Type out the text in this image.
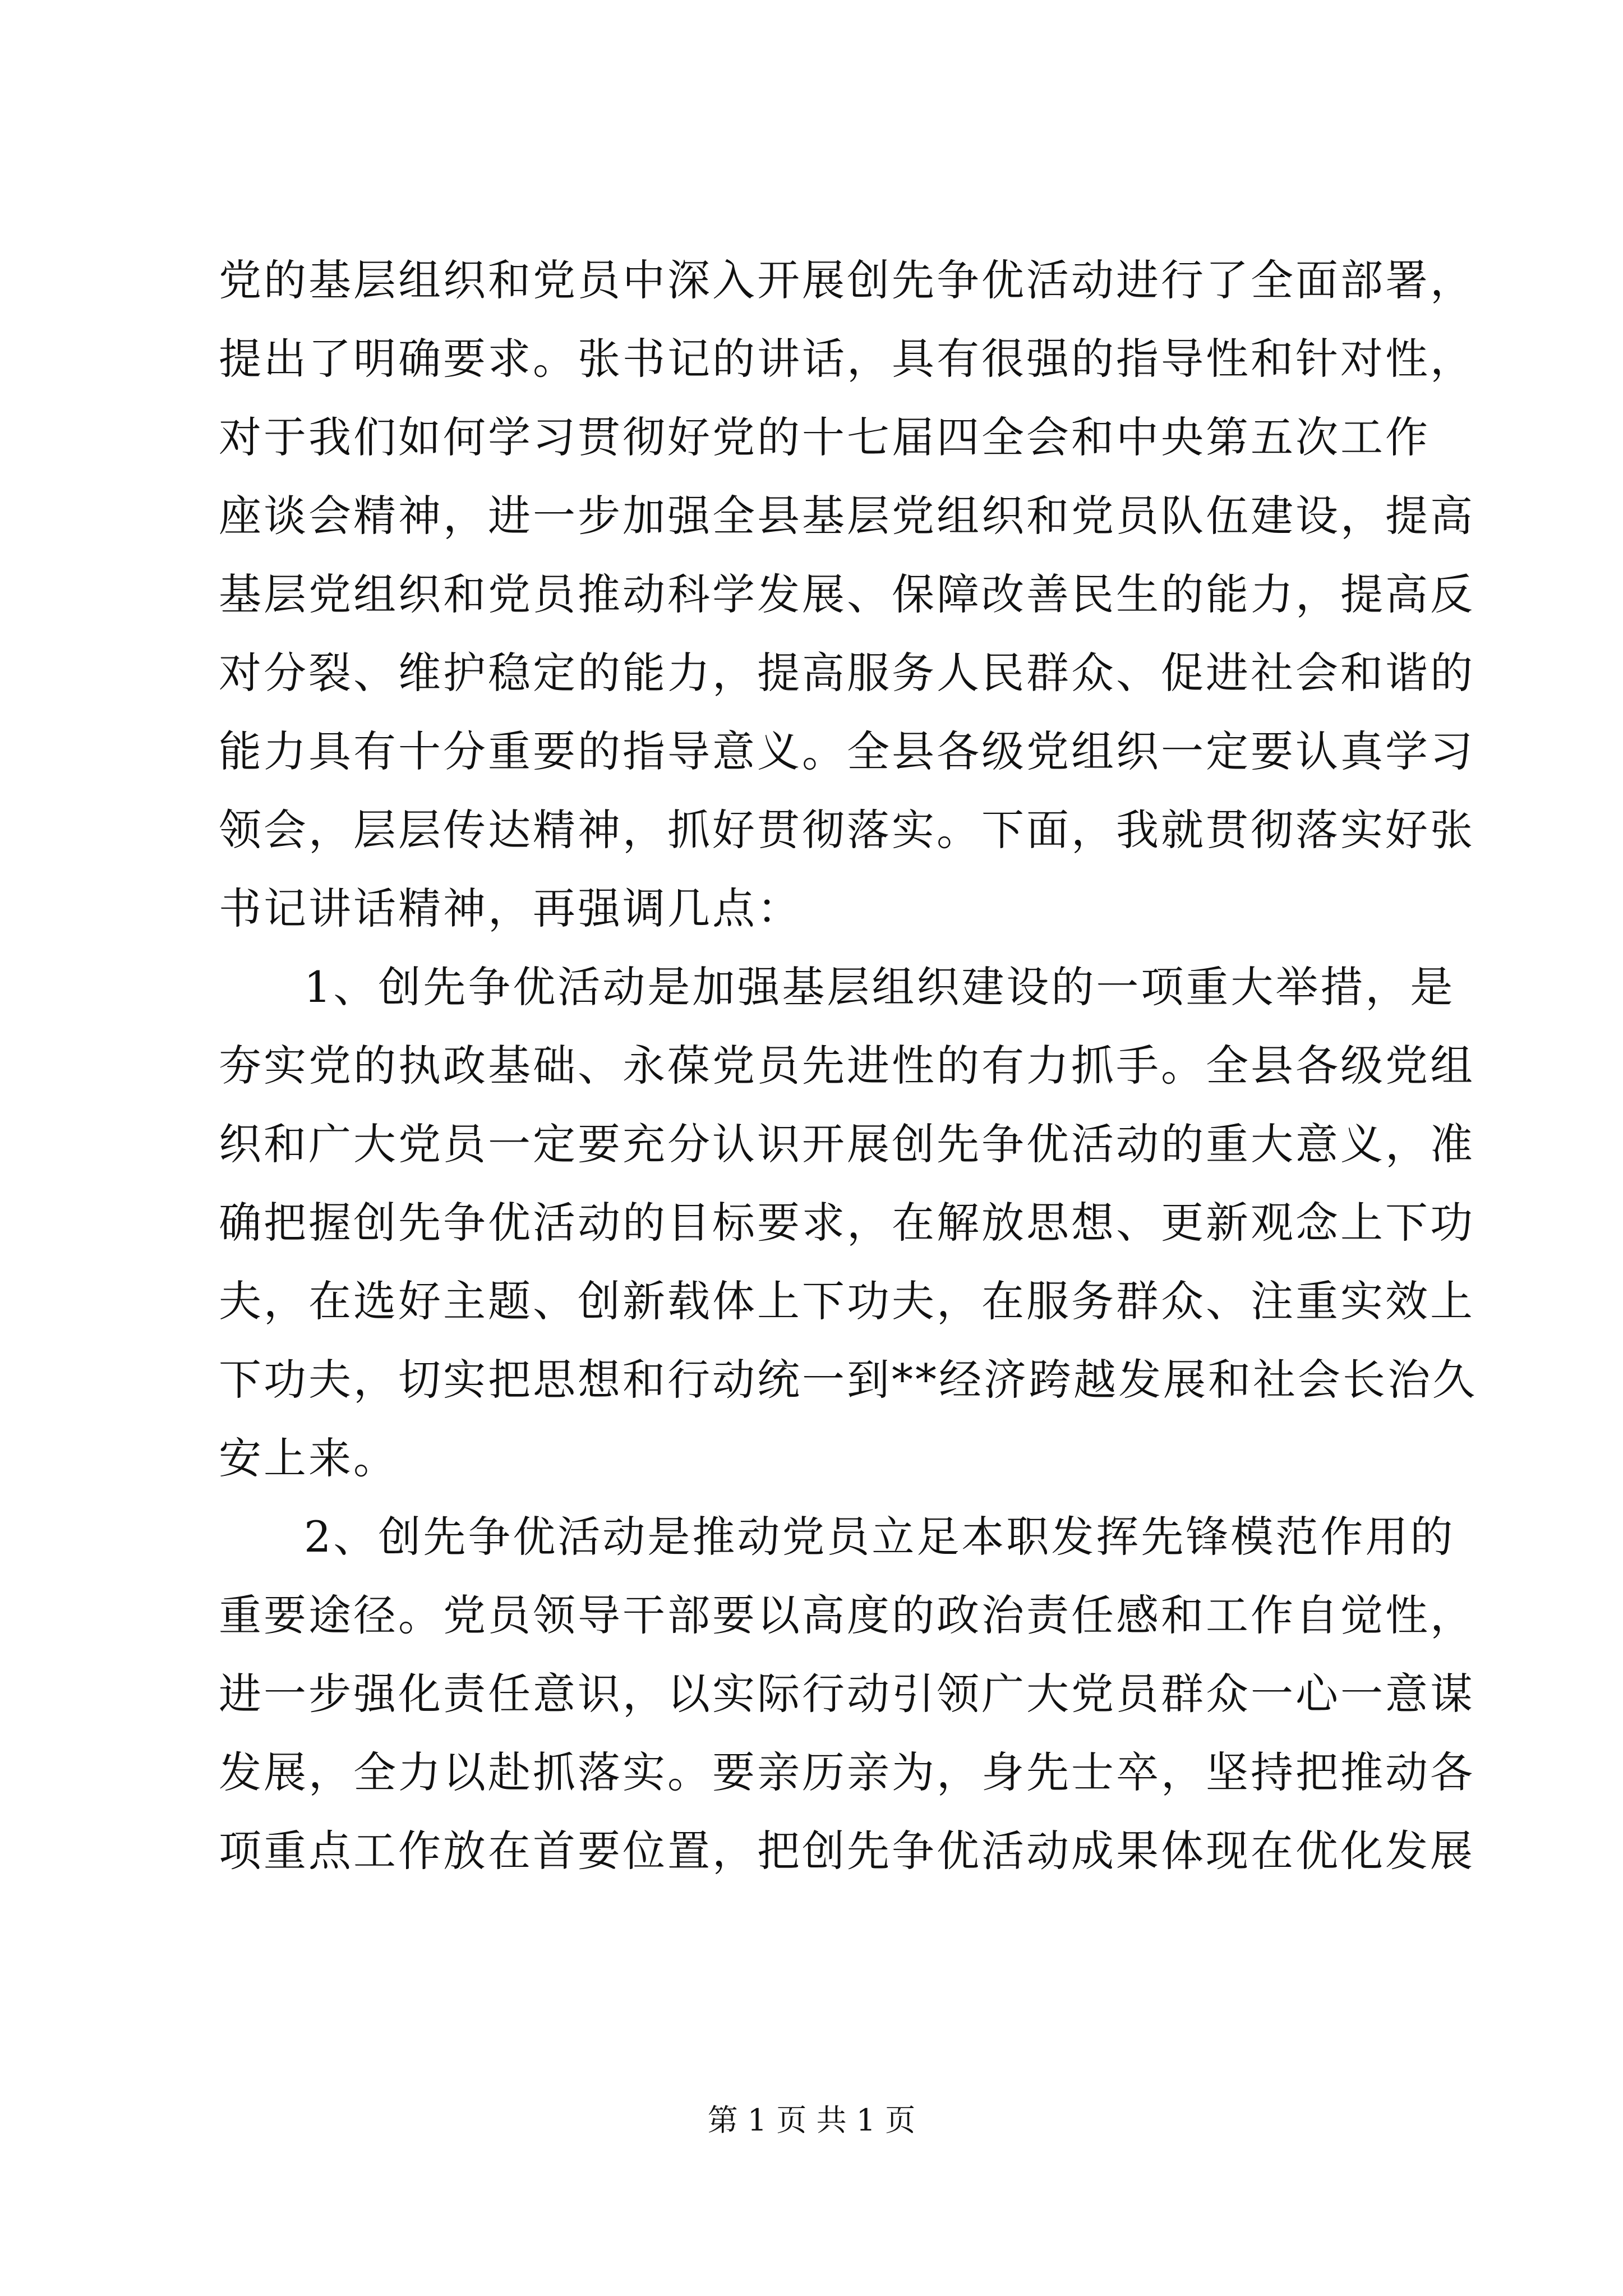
党的基层组织和党员中深入开展创先争优活动进行了全面部署，
提出了明确要求。张书记的讲话，具有很强的指导性和针对性，
对于我们如何学习贯彻好党的十七届四全会和中央第五次工作
座谈会精神，进一步加强全县基层党组织和党员队伍建设，提高
基层党组织和党员推动科学发展、保障改善民生的能力，提高反
对分裂、维护稳定的能力，提高服务人民群众、促进社会和谐的
能力具有十分重要的指导意义。全县各级党组织一定要认真学习
领会，层层传达精神，抓好贯彻落实。下面，我就贯彻落实好张
书记讲话精神，再强调几点：
1、创先争优活动是加强基层组织建设的一项重大举措，是
夯实党的执政基础、永葆党员先进性的有力抓手。全县各级党组
织和广大党员一定要充分认识开展创先争优活动的重大意义，准
确把握创先争优活动的目标要求，在解放思想、更新观念上下功
夫，在选好主题、创新载体上下功夫，在服务群众、注重实效上
下功夫，切实把思想和行动统一到**经济跨越发展和社会长治久
安上来。
2、创先争优活动是推动党员立足本职发挥先锋模范作用的
重要途径。党员领导干部要以高度的政治责任感和工作自觉性，
进一步强化责任意识，以实际行动引领广大党员群众一心一意谋
发展，全力以赴抓落实。要亲历亲为，身先士卒，坚持把推动各
项重点工作放在首要位置，把创先争优活动成果体现在优化发展
第 1 页 共 1 页
